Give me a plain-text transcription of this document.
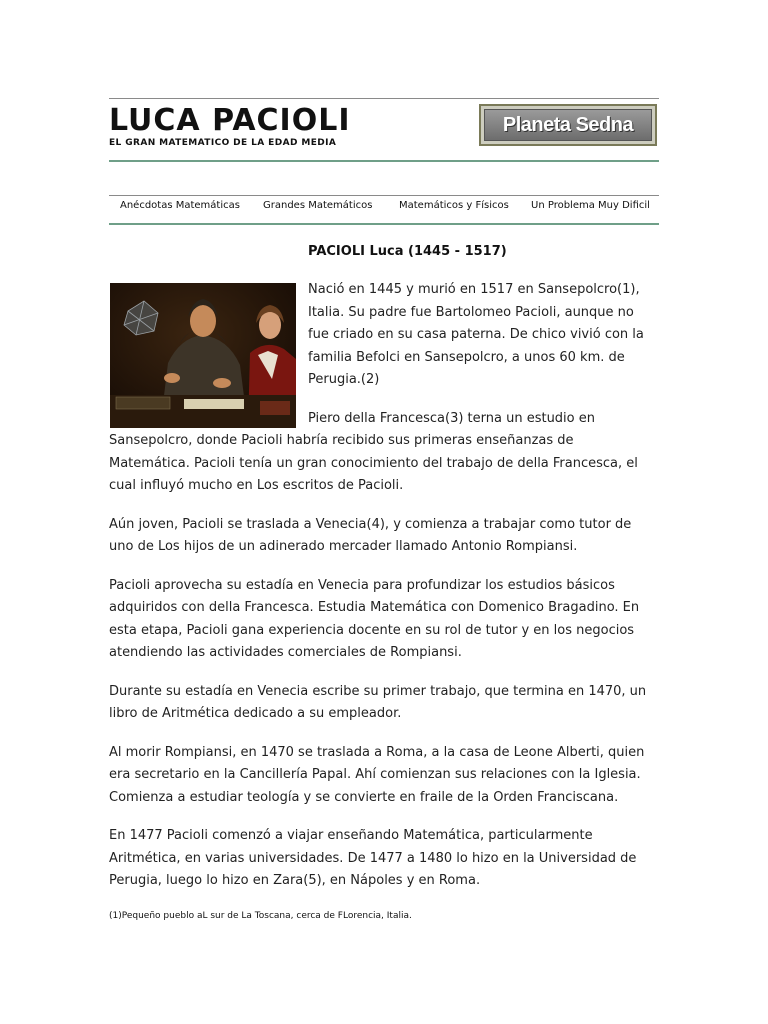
LUCA PACIOLI
EL GRAN MATEMATICO DE LA EDAD MEDIA
Planeta Sedna
Anécdotas Matemáticas Grandes Matemáticos	Matemáticos y Físicos Un Problema Muy Dificil
PACIOLI Luca (1445 - 1517)

Nació en 1445 y murió en 1517 en Sansepolcro(1), Italia. Su padre fue Bartolomeo Pacioli, aunque no fue criado en su casa paterna. De chico vivió con la familia Befolci en Sansepolcro, a unos 60 km. de Perugia.(2)

Piero della Francesca(3) terna un estudio en Sansepolcro, donde Pacioli habría recibido sus primeras enseñanzas de Matemática. Pacioli tenía un gran conocimiento del trabajo de della Francesca, el cual influyó mucho en Los escritos de Pacioli.

Aún joven, Pacioli se traslada a Venecia(4), y comienza a trabajar como tutor de uno de Los hijos de un adinerado mercader llamado Antonio Rompiansi.

Pacioli aprovecha su estadía en Venecia para profundizar los estudios básicos adquiridos con della Francesca. Estudia Matemática con Domenico Bragadino. En esta etapa, Pacioli gana experiencia docente en su rol de tutor y en los negocios atendiendo las actividades comerciales de Rompiansi.

Durante su estadía en Venecia escribe su primer trabajo, que termina en 1470, un libro de Aritmética dedicado a su empleador.

Al morir Rompiansi, en 1470 se traslada a Roma, a la casa de Leone Alberti, quien era secretario en la Cancillería Papal. Ahí comienzan sus relaciones con la Iglesia. Comienza a estudiar teología y se convierte en fraile de la Orden Franciscana.

En 1477 Pacioli comenzó a viajar enseñando Matemática, particularmente Aritmética, en varias universidades. De 1477 a 1480 lo hizo en la Universidad de Perugia, luego lo hizo en Zara(5), en Nápoles y en Roma.

(1)Pequeño pueblo aL sur de La Toscana, cerca de FLorencia, Italia.
